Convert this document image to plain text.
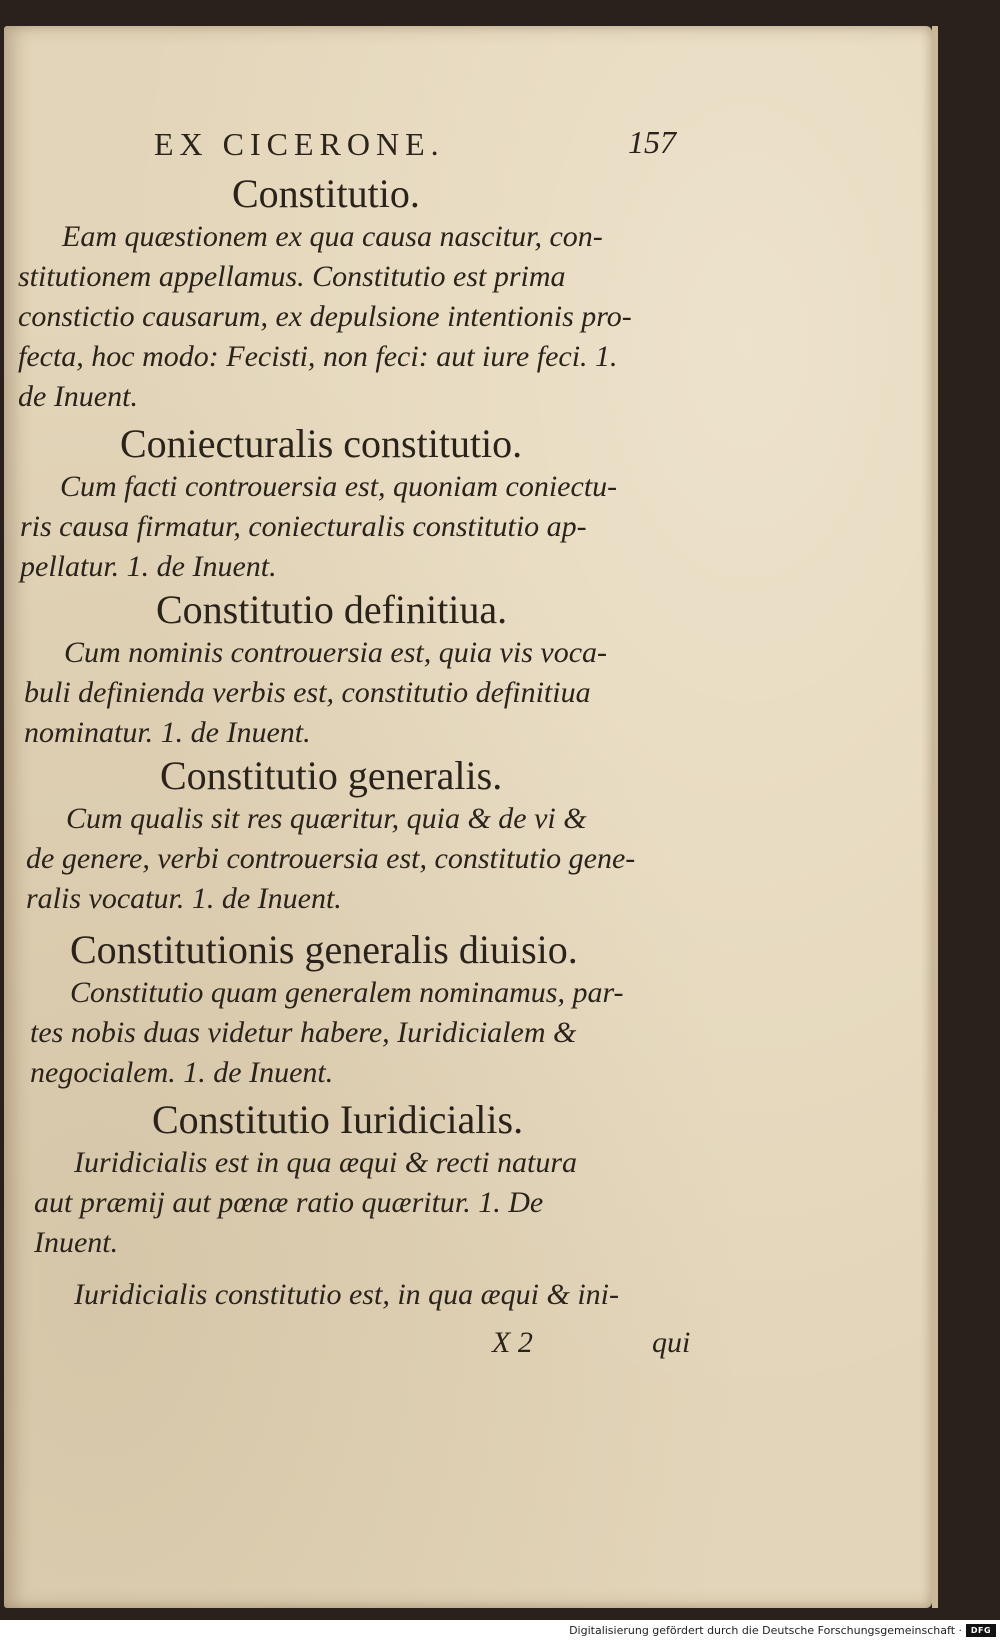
EX CICERONE.	157
Constitutio.
Eam quæstionem ex qua causa nascitur, con-
stitutionem appellamus. Constitutio est prima
constictio causarum, ex depulsione intentionis pro-
fecta, hoc modo: Fecisti, non feci: aut iure feci. 1.
de Inuent.
Coniecturalis constitutio.
Cum facti controuersia est, quoniam coniectu-
ris causa firmatur, coniecturalis constitutio ap-
pellatur. 1. de Inuent.
Constitutio definitiua.
Cum nominis controuersia est, quia vis voca-
buli definienda verbis est, constitutio definitiua
nominatur. 1. de Inuent.
Constitutio generalis.
Cum qualis sit res quæritur, quia & de vi &
de genere, verbi controuersia est, constitutio gene-
ralis vocatur. 1. de Inuent.
Constitutionis generalis diuisio.
Constitutio quam generalem nominamus, par-
tes nobis duas videtur habere, Iuridicialem &
negocialem. 1. de Inuent.
Constitutio Iuridicialis.
Iuridicialis est in qua æqui & recti natura
aut præmij aut pœnæ ratio quæritur. 1. De
Inuent.
Iuridicialis constitutio est, in qua æqui & ini-
X 2	qui
Digitalisierung gefördert durch die Deutsche Forschungsgemeinschaft ·	DFG
